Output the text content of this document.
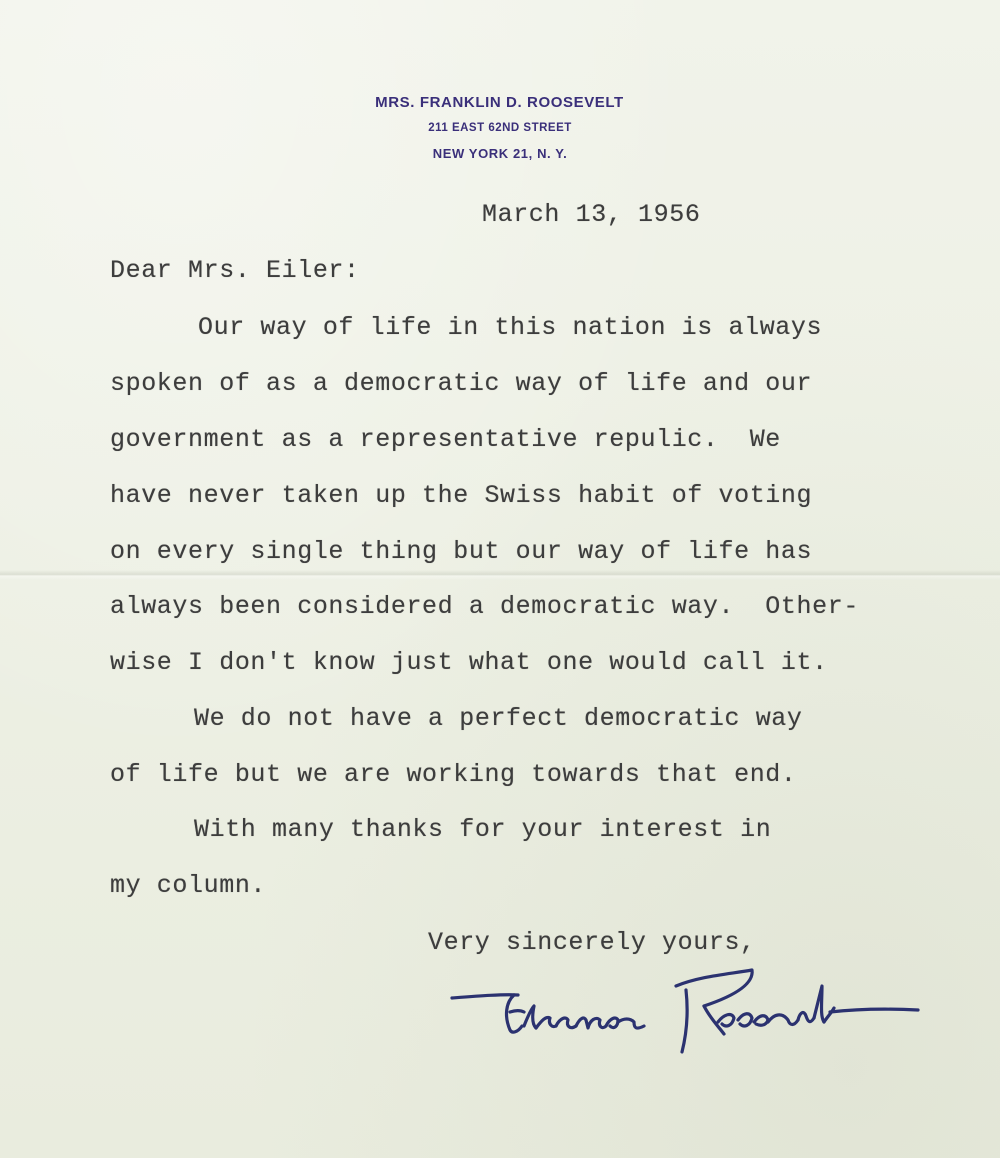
MRS. FRANKLIN D. ROOSEVELT
211 EAST 62ND STREET
NEW YORK 21, N. Y.
March 13, 1956
Dear Mrs. Eiler:
Our way of life in this nation is always
spoken of as a democratic way of life and our
government as a representative repulic.  We
have never taken up the Swiss habit of voting
on every single thing but our way of life has
always been considered a democratic way.  Other-
wise I don't know just what one would call it.
We do not have a perfect democratic way
of life but we are working towards that end.
With many thanks for your interest in
my column.
Very sincerely yours,
